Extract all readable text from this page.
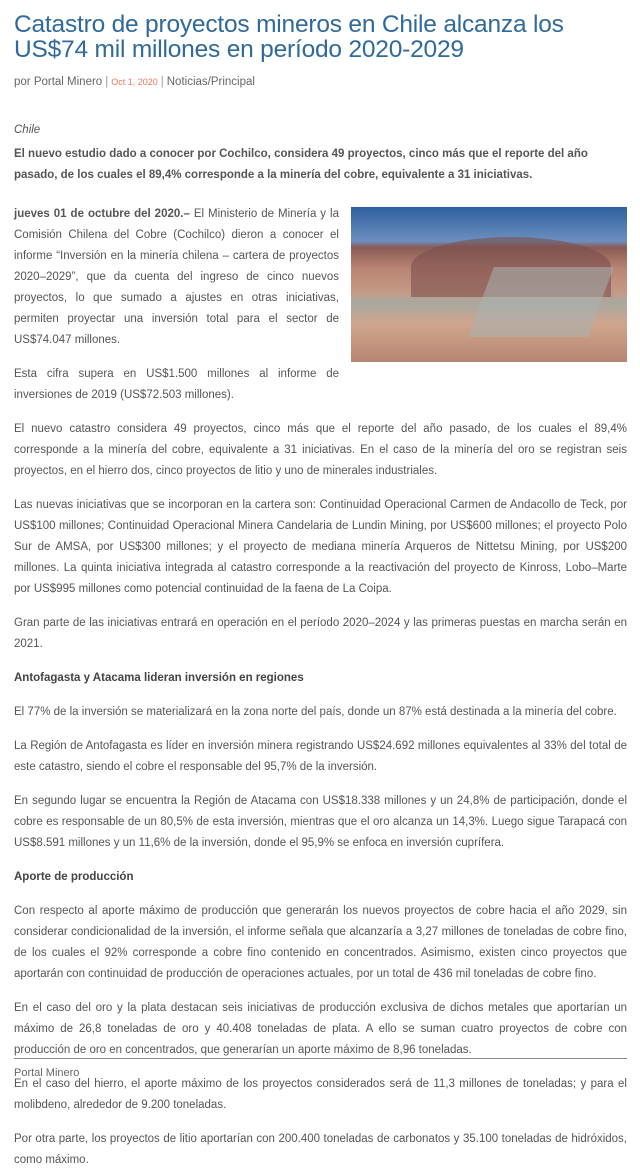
Catastro de proyectos mineros en Chile alcanza los US$74 mil millones en período 2020-2029
por Portal Minero | Oct 1, 2020 | Noticias/Principal
Chile
El nuevo estudio dado a conocer por Cochilco, considera 49 proyectos, cinco más que el reporte del año pasado, de los cuales el 89,4% corresponde a la minería del cobre, equivalente a 31 iniciativas.

jueves 01 de octubre del 2020.– El Ministerio de Minería y la Comisión Chilena del Cobre (Cochilco) dieron a conocer el informe “Inversión en la minería chilena – cartera de proyectos 2020–2029”, que da cuenta del ingreso de cinco nuevos proyectos, lo que sumado a ajustes en otras iniciativas, permiten proyectar una inversión total para el sector de US$74.047 millones.

Esta cifra supera en US$1.500 millones al informe de inversiones de 2019 (US$72.503 millones).

El nuevo catastro considera 49 proyectos, cinco más que el reporte del año pasado, de los cuales el 89,4% corresponde a la minería del cobre, equivalente a 31 iniciativas. En el caso de la minería del oro se registran seis proyectos, en el hierro dos, cinco proyectos de litio y uno de minerales industriales.

Las nuevas iniciativas que se incorporan en la cartera son: Continuidad Operacional Carmen de Andacollo de Teck, por US$100 millones; Continuidad Operacional Minera Candelaria de Lundin Mining, por US$600 millones; el proyecto Polo Sur de AMSA, por US$300 millones; y el proyecto de mediana minería Arqueros de Nittetsu Mining, por US$200 millones. La quinta iniciativa integrada al catastro corresponde a la reactivación del proyecto de Kinross, Lobo–Marte por US$995 millones como potencial continuidad de la faena de La Coipa.

Gran parte de las iniciativas entrará en operación en el período 2020–2024 y las primeras puestas en marcha serán en 2021.

Antofagasta y Atacama lideran inversión en regiones

El 77% de la inversión se materializará en la zona norte del país, donde un 87% está destinada a la minería del cobre.

La Región de Antofagasta es líder en inversión minera registrando US$24.692 millones equivalentes al 33% del total de este catastro, siendo el cobre el responsable del 95,7% de la inversión.

En segundo lugar se encuentra la Región de Atacama con US$18.338 millones y un 24,8% de participación, donde el cobre es responsable de un 80,5% de esta inversión, mientras que el oro alcanza un 14,3%. Luego sigue Tarapacá con US$8.591 millones y un 11,6% de la inversión, donde el 95,9% se enfoca en inversión cuprífera.

Aporte de producción

Con respecto al aporte máximo de producción que generarán los nuevos proyectos de cobre hacia el año 2029, sin considerar condicionalidad de la inversión, el informe señala que alcanzaría a 3,27 millones de toneladas de cobre fino, de los cuales el 92% corresponde a cobre fino contenido en concentrados. Asimismo, existen cinco proyectos que aportarán con continuidad de producción de operaciones actuales, por un total de 436 mil toneladas de cobre fino.

En el caso del oro y la plata destacan seis iniciativas de producción exclusiva de dichos metales que aportarían un máximo de 26,8 toneladas de oro y 40.408 toneladas de plata. A ello se suman cuatro proyectos de cobre con producción de oro en concentrados, que generarían un aporte máximo de 8,96 toneladas.

En el caso del hierro, el aporte máximo de los proyectos considerados será de 11,3 millones de toneladas; y para el molibdeno, alrededor de 9.200 toneladas.

Por otra parte, los proyectos de litio aportarían con 200.400 toneladas de carbonatos y 35.100 toneladas de hidróxidos, como máximo.

Portal Minero
